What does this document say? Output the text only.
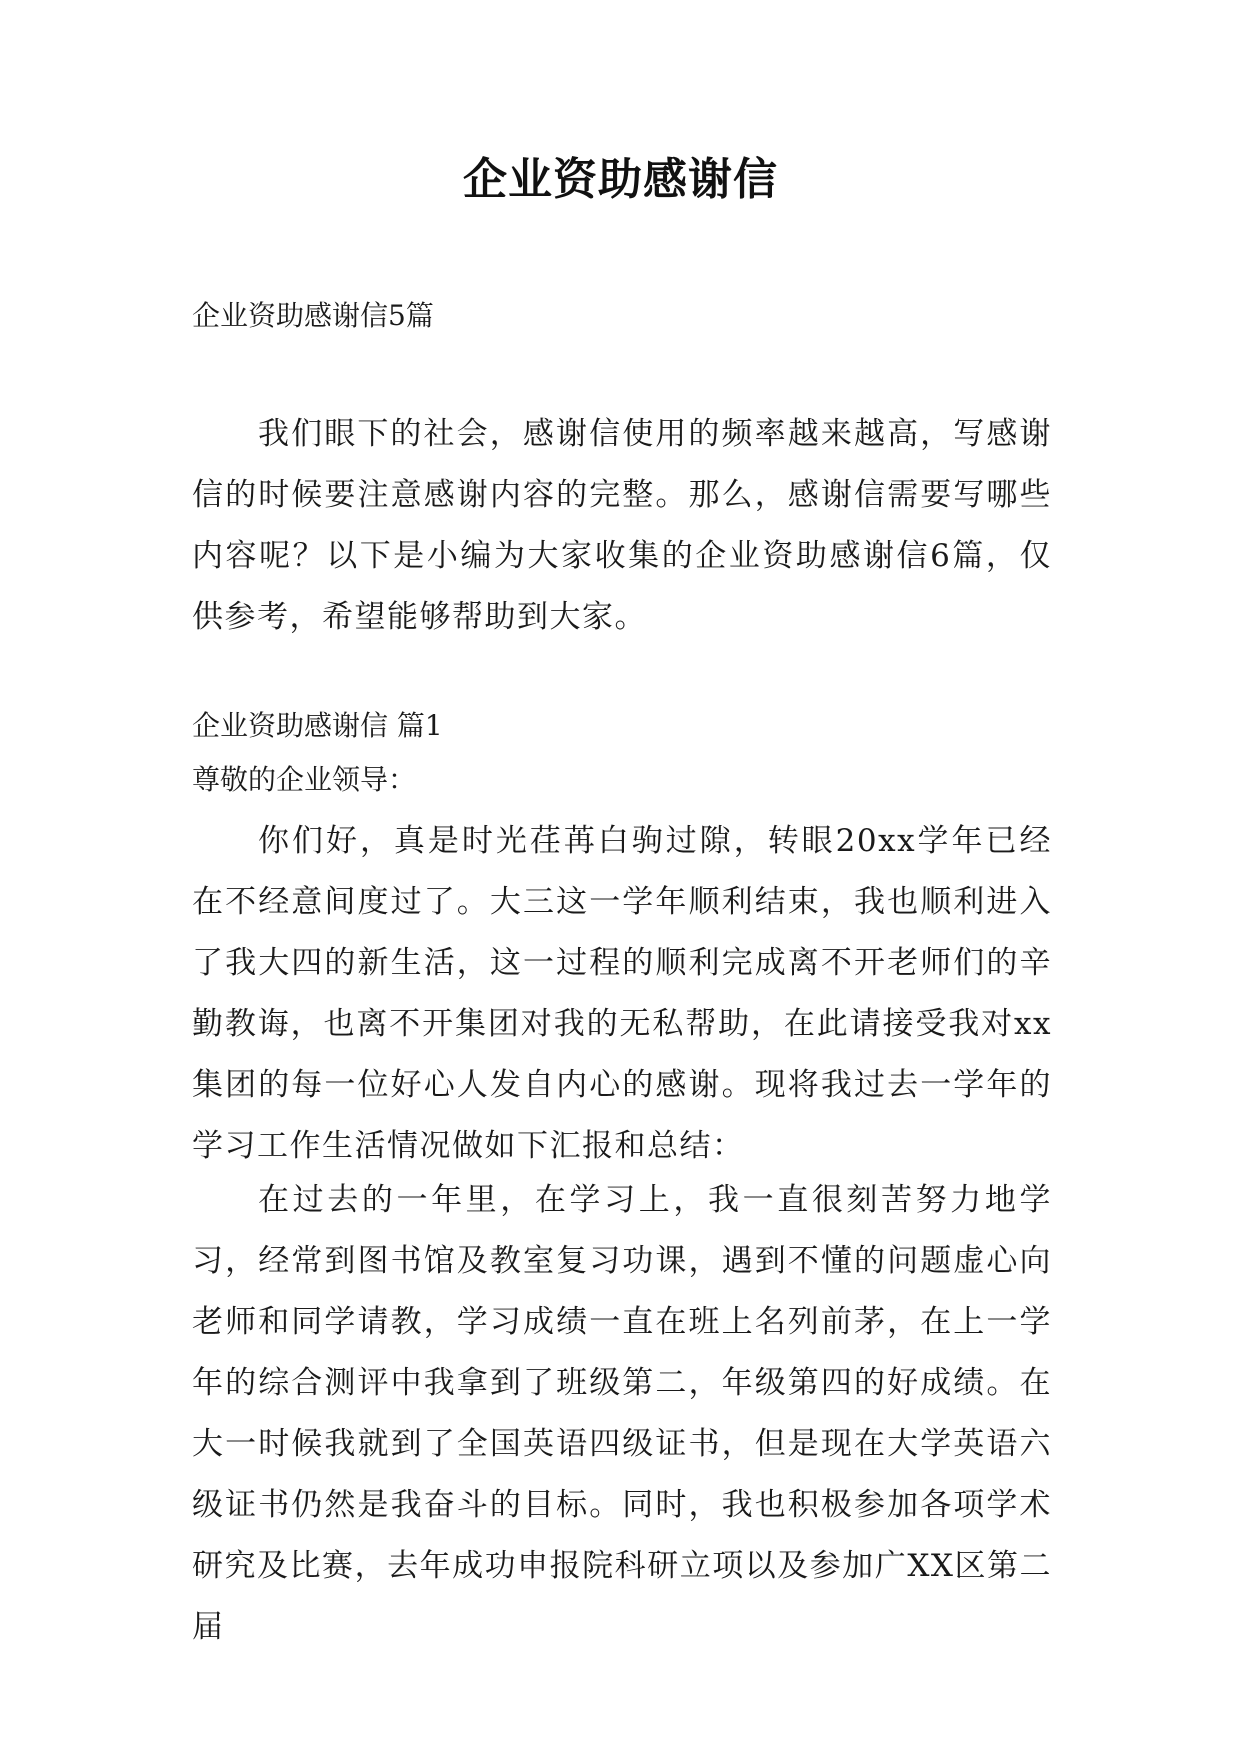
企业资助感谢信

企业资助感谢信5篇

我们眼下的社会，感谢信使用的频率越来越高，写感谢信的时候要注意感谢内容的完整。那么，感谢信需要写哪些内容呢？以下是小编为大家收集的企业资助感谢信6篇，仅供参考，希望能够帮助到大家。

企业资助感谢信 篇1

尊敬的企业领导：

你们好，真是时光荏苒白驹过隙，转眼20xx学年已经在不经意间度过了。大三这一学年顺利结束，我也顺利进入了我大四的新生活，这一过程的顺利完成离不开老师们的辛勤教诲，也离不开集团对我的无私帮助，在此请接受我对xx集团的每一位好心人发自内心的感谢。现将我过去一学年的学习工作生活情况做如下汇报和总结：

在过去的一年里，在学习上，我一直很刻苦努力地学习，经常到图书馆及教室复习功课，遇到不懂的问题虚心向老师和同学请教，学习成绩一直在班上名列前茅，在上一学年的综合测评中我拿到了班级第二，年级第四的好成绩。在大一时候我就到了全国英语四级证书，但是现在大学英语六级证书仍然是我奋斗的目标。同时，我也积极参加各项学术研究及比赛，去年成功申报院科研立项以及参加广XX区第二届
